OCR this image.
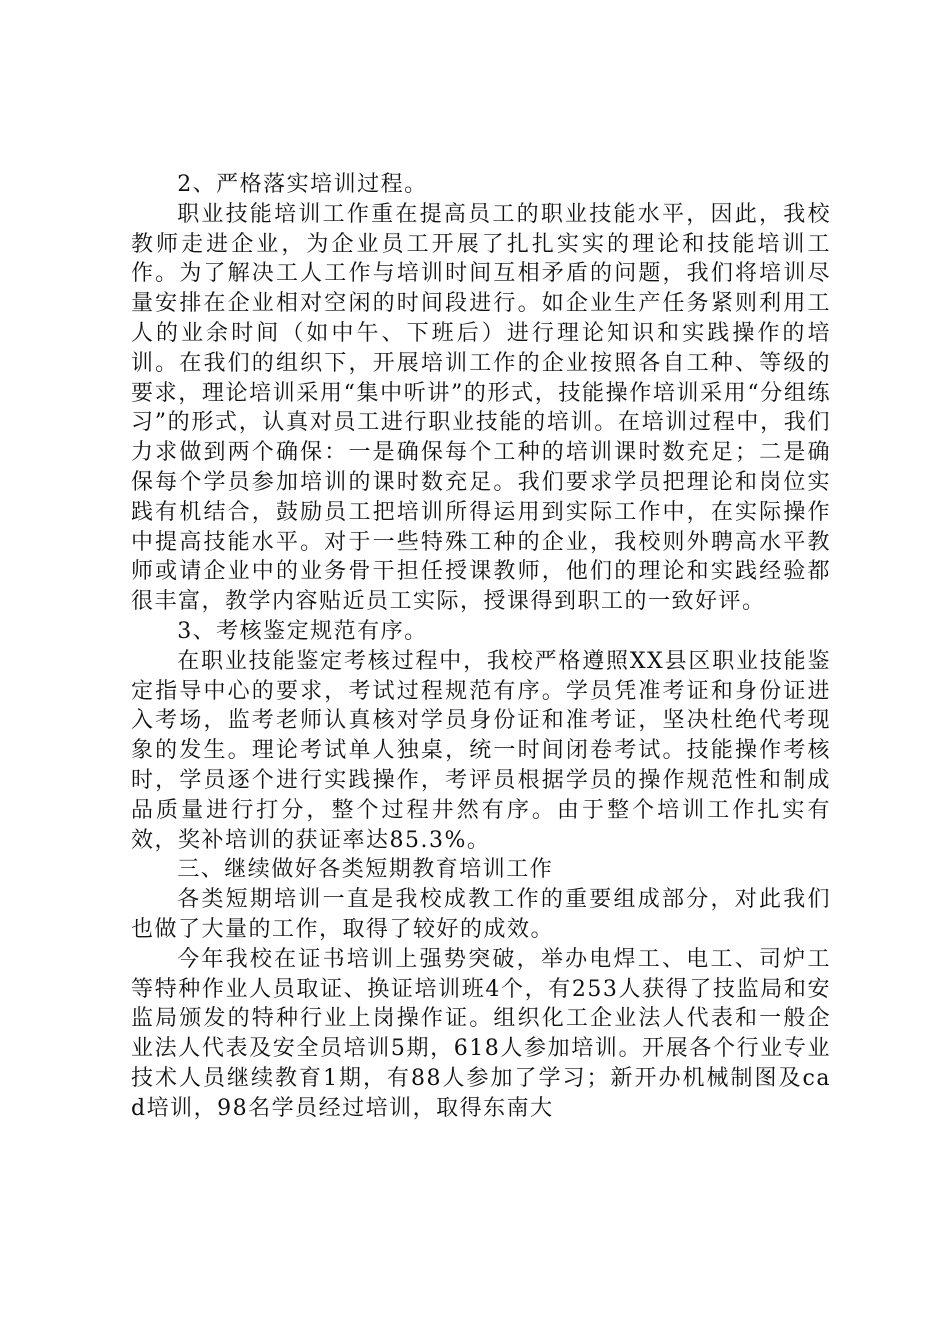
2、严格落实培训过程。

职业技能培训工作重在提高员工的职业技能水平，因此，我校教师走进企业，为企业员工开展了扎扎实实的理论和技能培训工作。为了解决工人工作与培训时间互相矛盾的问题，我们将培训尽量安排在企业相对空闲的时间段进行。如企业生产任务紧则利用工人的业余时间（如中午、下班后）进行理论知识和实践操作的培训。在我们的组织下，开展培训工作的企业按照各自工种、等级的要求，理论培训采用“集中听讲”的形式，技能操作培训采用“分组练习”的形式，认真对员工进行职业技能的培训。在培训过程中，我们力求做到两个确保：一是确保每个工种的培训课时数充足；二是确保每个学员参加培训的课时数充足。我们要求学员把理论和岗位实践有机结合，鼓励员工把培训所得运用到实际工作中，在实际操作中提高技能水平。对于一些特殊工种的企业，我校则外聘高水平教师或请企业中的业务骨干担任授课教师，他们的理论和实践经验都很丰富，教学内容贴近员工实际，授课得到职工的一致好评。

3、考核鉴定规范有序。

在职业技能鉴定考核过程中，我校严格遵照XX县区职业技能鉴定指导中心的要求，考试过程规范有序。学员凭准考证和身份证进入考场，监考老师认真核对学员身份证和准考证，坚决杜绝代考现象的发生。理论考试单人独桌，统一时间闭卷考试。技能操作考核时，学员逐个进行实践操作，考评员根据学员的操作规范性和制成品质量进行打分，整个过程井然有序。由于整个培训工作扎实有效，奖补培训的获证率达85.3%。

三、继续做好各类短期教育培训工作

各类短期培训一直是我校成教工作的重要组成部分，对此我们也做了大量的工作，取得了较好的成效。

今年我校在证书培训上强势突破，举办电焊工、电工、司炉工等特种作业人员取证、换证培训班4个，有253人获得了技监局和安监局颁发的特种行业上岗操作证。组织化工企业法人代表和一般企业法人代表及安全员培训5期，618人参加培训。开展各个行业专业技术人员继续教育1期，有88人参加了学习；新开办机械制图及cad培训，98名学员经过培训，取得东南大
